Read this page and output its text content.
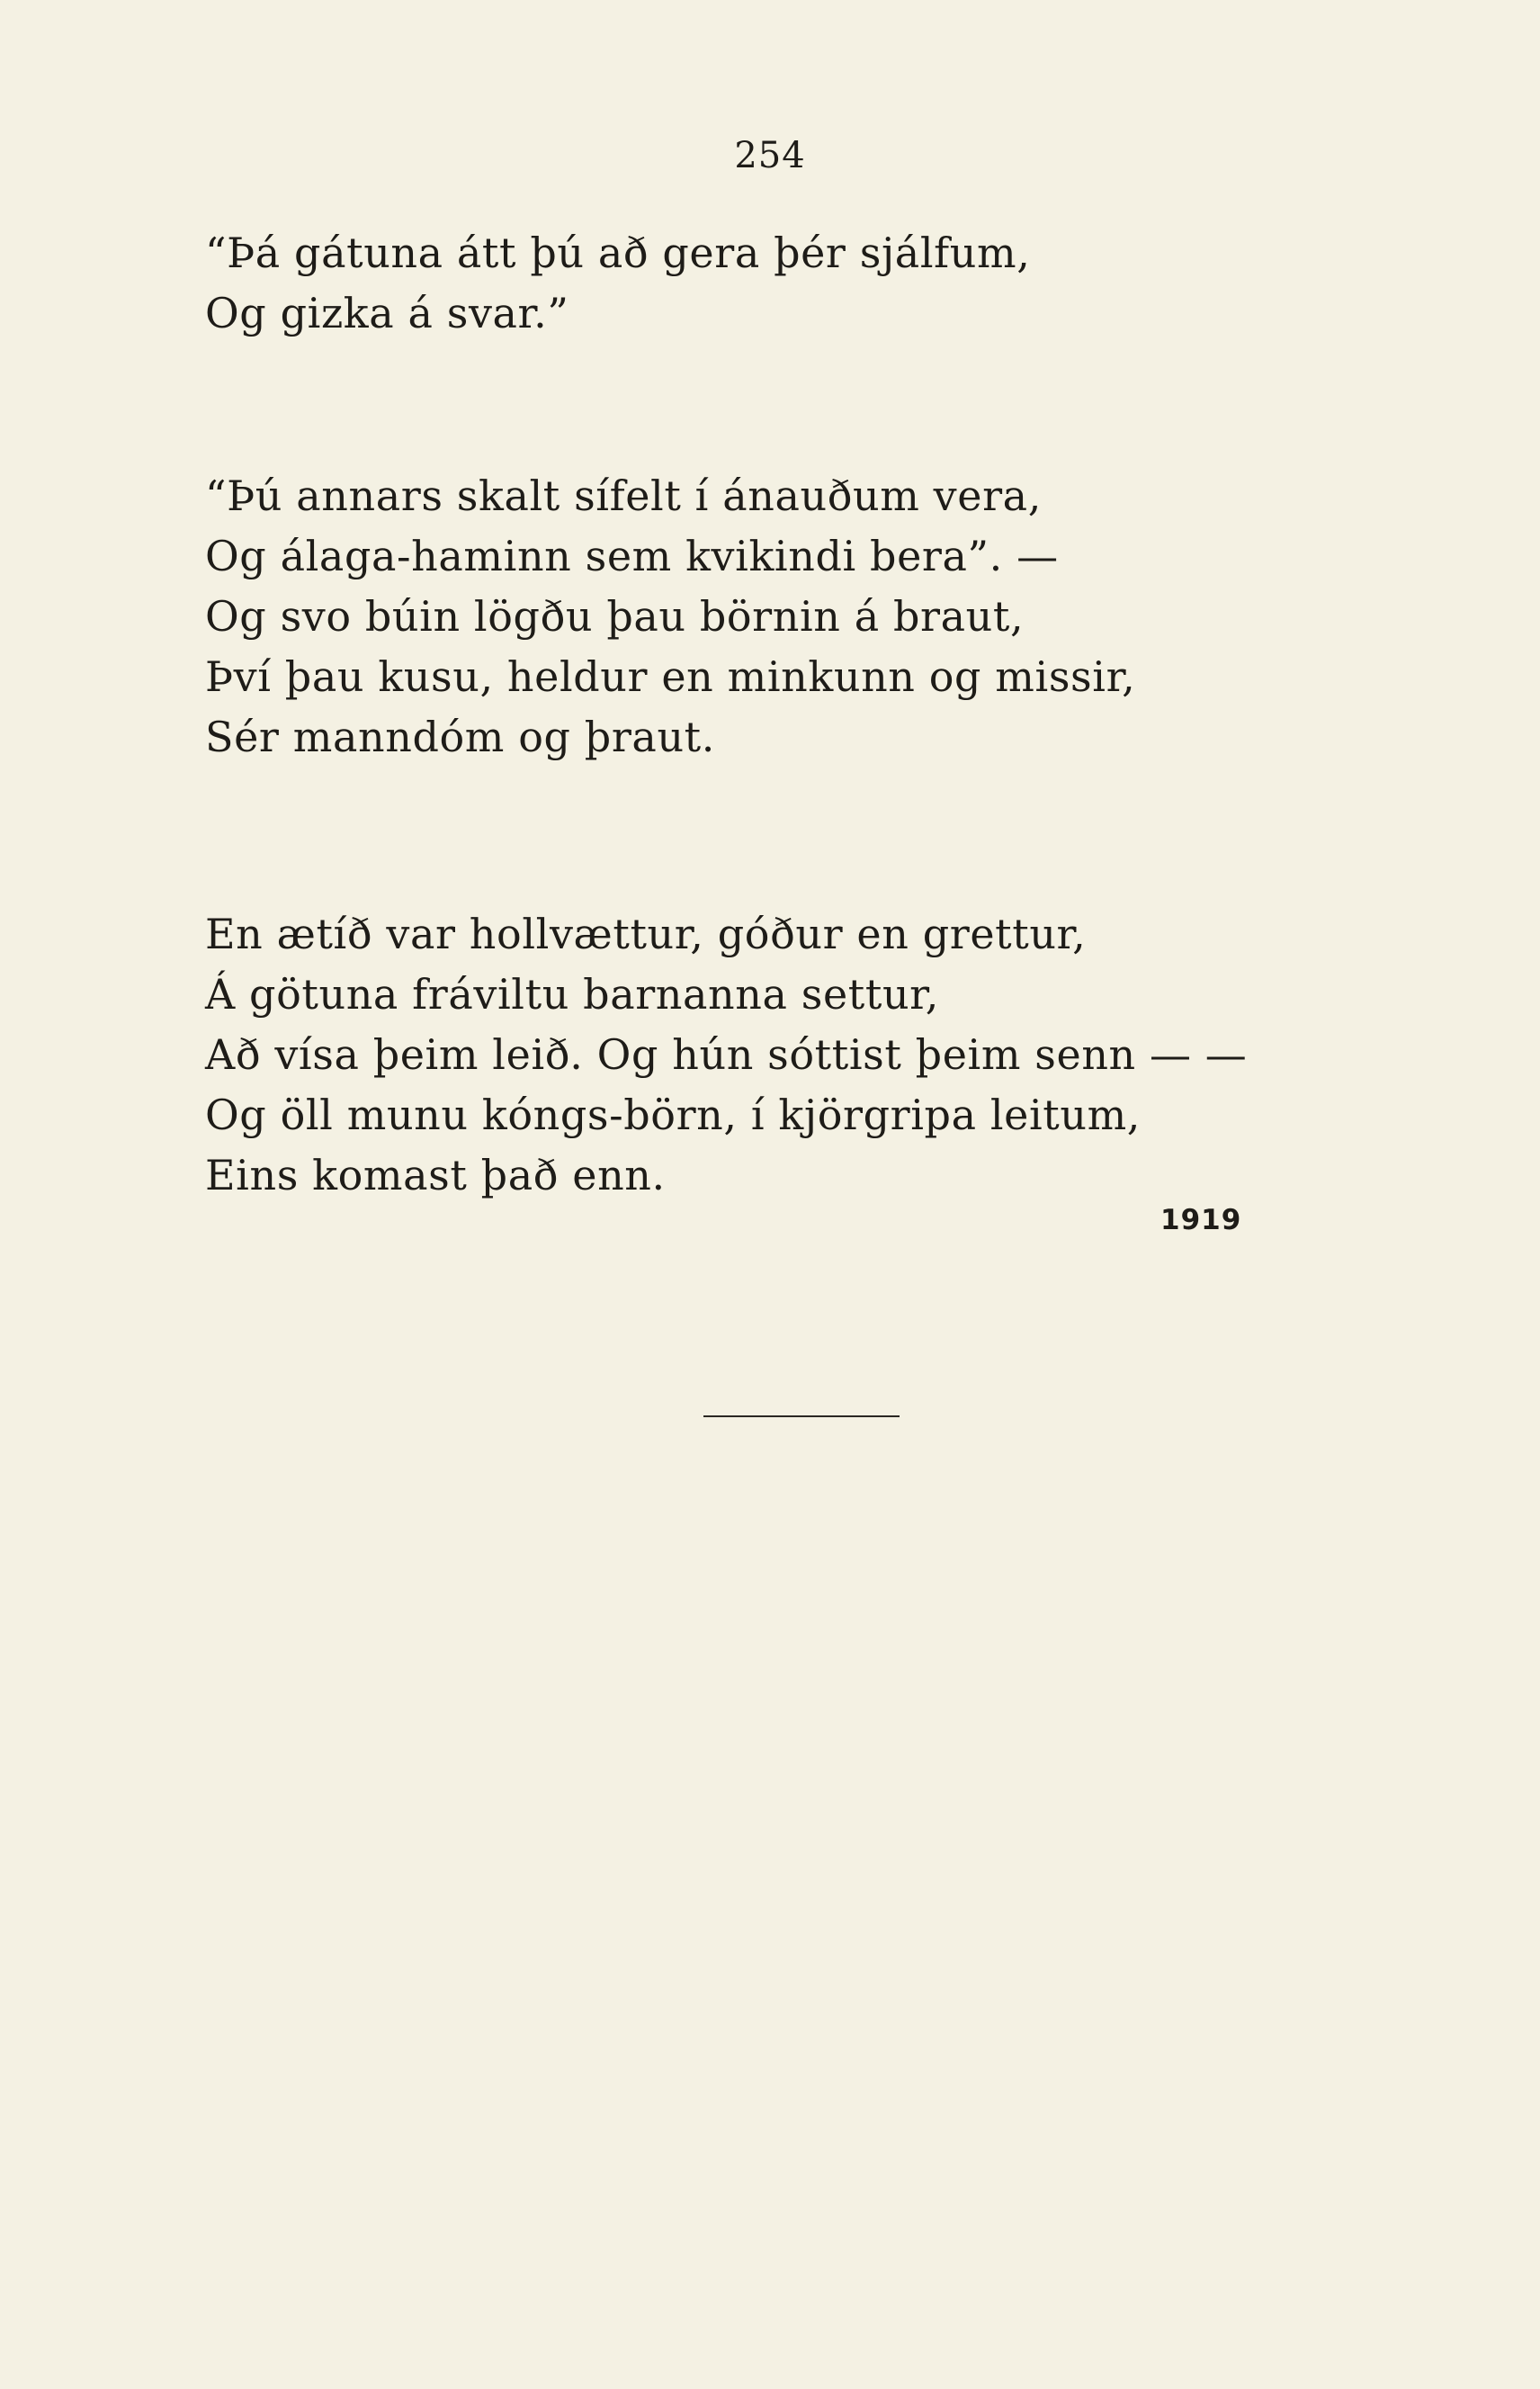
254
“Þá gátuna átt þú að gera þér sjálfum,
Og gizka á svar.”
“Þú annars skalt sífelt í ánauðum vera,
Og álaga-haminn sem kvikindi bera”. —
Og svo búin lögðu þau börnin á braut,
Því þau kusu, heldur en minkunn og missir,
Sér manndóm og þraut.
En ætíð var hollvættur, góður en grettur,
Á götuna fráviltu barnanna settur,
Að vísa þeim leið. Og hún sóttist þeim senn — —
Og öll munu kóngs-börn, í kjörgripa leitum,
Eins komast það enn.
1919
